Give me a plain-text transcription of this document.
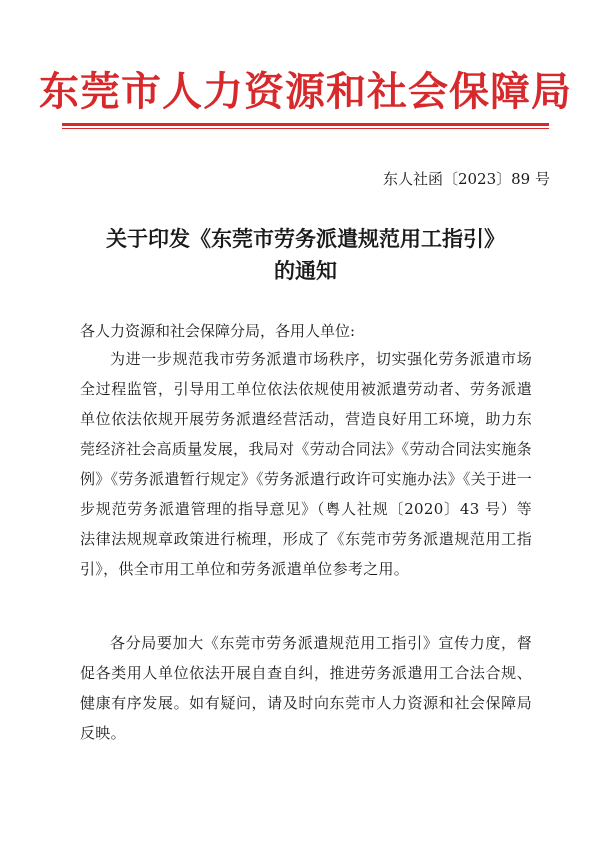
东莞市人力资源和社会保障局
东人社函〔2023〕89 号
关于印发《东莞市劳务派遣规范用工指引》
的通知
各人力资源和社会保障分局，各用人单位:
为进一步规范我市劳务派遣市场秩序，切实强化劳务派遣市场全过程监管，引导用工单位依法依规使用被派遣劳动者、劳务派遣单位依法依规开展劳务派遣经营活动，营造良好用工环境，助力东莞经济社会高质量发展，我局对《劳动合同法》《劳动合同法实施条例》《劳务派遣暂行规定》《劳务派遣行政许可实施办法》《关于进一步规范劳务派遣管理的指导意见》（粤人社规〔2020〕43 号）等法律法规规章政策进行梳理，形成了《东莞市劳务派遣规范用工指引》，供全市用工单位和劳务派遣单位参考之用。
各分局要加大《东莞市劳务派遣规范用工指引》宣传力度，督促各类用人单位依法开展自查自纠，推进劳务派遣用工合法合规、健康有序发展。如有疑问，请及时向东莞市人力资源和社会保障局反映。
